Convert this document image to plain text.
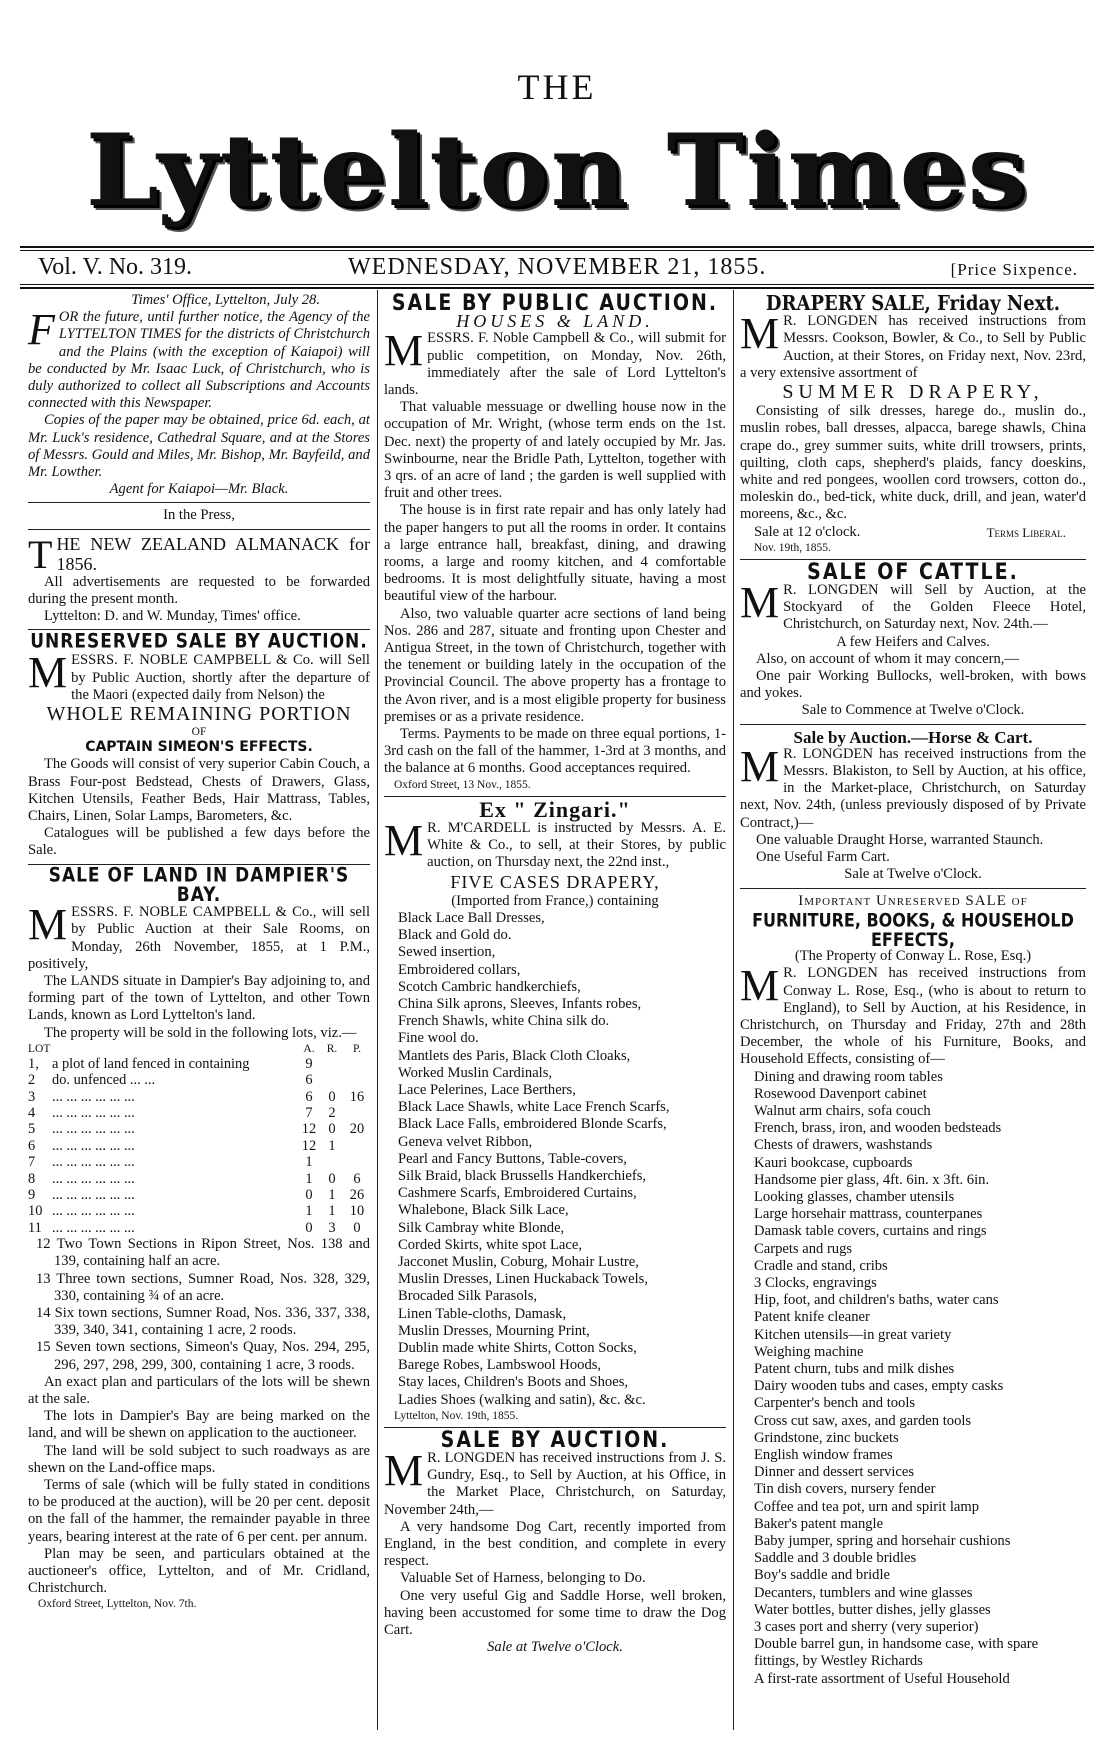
THE
Lyttelton Times
Vol. V. No. 319.	WEDNESDAY, NOVEMBER 21, 1855.	[Price Sixpence.

Times' Office, Lyttelton, July 28.

FOR the future, until further notice, the Agency of the LYTTELTON TIMES for the districts of Christchurch and the Plains (with the exception of Kaiapoi) will be conducted by Mr. Isaac Luck, of Christchurch, who is duly authorized to collect all Subscriptions and Accounts connected with this Newspaper.

Copies of the paper may be obtained, price 6d. each, at Mr. Luck's residence, Cathedral Square, and at the Stores of Messrs. Gould and Miles, Mr. Bishop, Mr. Bayfeild, and Mr. Lowther.

Agent for Kaiapoi—Mr. Black.

In the Press,

THE NEW ZEALAND ALMANACK for 1856.

All advertisements are requested to be forwarded during the present month.

Lyttelton: D. and W. Munday, Times' office.

UNRESERVED SALE BY AUCTION.

MESSRS. F. NOBLE CAMPBELL & Co. will Sell by Public Auction, shortly after the departure of the Maori (expected daily from Nelson) the

WHOLE REMAINING PORTION

OF

CAPTAIN SIMEON'S EFFECTS.

The Goods will consist of very superior Cabin Couch, a Brass Four-post Bedstead, Chests of Drawers, Glass, Kitchen Utensils, Feather Beds, Hair Mattrass, Tables, Chairs, Linen, Solar Lamps, Barometers, &c.

Catalogues will be published a few days before the Sale.

SALE OF LAND IN DAMPIER'S BAY.

MESSRS. F. NOBLE CAMPBELL & Co., will sell by Public Auction at their Sale Rooms, on Monday, 26th November, 1855, at 1 P.M., positively,

The LANDS situate in Dampier's Bay adjoining to, and forming part of the town of Lyttelton, and other Town Lands, known as Lord Lyttelton's land.

The property will be sold in the following lots, viz.—

LOT		A.	R.	P.
1,	a plot of land fenced in containing	9		
2	do. unfenced ... ...	6		
3	... ... ... ... ... ...	6	0	16
4	... ... ... ... ... ...	7	2	
5	... ... ... ... ... ...	12	0	20
6	... ... ... ... ... ...	12	1	
7	... ... ... ... ... ...	1		
8	... ... ... ... ... ...	1	0	6
9	... ... ... ... ... ...	0	1	26
10	... ... ... ... ... ...	1	1	10
11	... ... ... ... ... ...	0	3	0

12 Two Town Sections in Ripon Street, Nos. 138 and 139, containing half an acre.

13 Three town sections, Sumner Road, Nos. 328, 329, 330, containing ¾ of an acre.

14 Six town sections, Sumner Road, Nos. 336, 337, 338, 339, 340, 341, containing 1 acre, 2 roods.

15 Seven town sections, Simeon's Quay, Nos. 294, 295, 296, 297, 298, 299, 300, containing 1 acre, 3 roods.

An exact plan and particulars of the lots will be shewn at the sale.

The lots in Dampier's Bay are being marked on the land, and will be shewn on application to the auctioneer.

The land will be sold subject to such roadways as are shewn on the Land-office maps.

Terms of sale (which will be fully stated in conditions to be produced at the auction), will be 20 per cent. deposit on the fall of the hammer, the remainder payable in three years, bearing interest at the rate of 6 per cent. per annum.

Plan may be seen, and particulars obtained at the auctioneer's office, Lyttelton, and of Mr. Cridland, Christchurch.

Oxford Street, Lyttelton, Nov. 7th.

SALE BY PUBLIC AUCTION.

HOUSES & LAND.

MESSRS. F. Noble Campbell & Co., will submit for public competition, on Monday, Nov. 26th, immediately after the sale of Lord Lyttelton's lands.

That valuable messuage or dwelling house now in the occupation of Mr. Wright, (whose term ends on the 1st. Dec. next) the property of and lately occupied by Mr. Jas. Swinbourne, near the Bridle Path, Lyttelton, together with 3 qrs. of an acre of land ; the garden is well supplied with fruit and other trees.

The house is in first rate repair and has only lately had the paper hangers to put all the rooms in order. It contains a large entrance hall, breakfast, dining, and drawing rooms, a large and roomy kitchen, and 4 comfortable bedrooms. It is most delightfully situate, having a most beautiful view of the harbour.

Also, two valuable quarter acre sections of land being Nos. 286 and 287, situate and fronting upon Chester and Antigua Street, in the town of Christchurch, together with the tenement or building lately in the occupation of the Provincial Council. The above property has a frontage to the Avon river, and is a most eligible property for business premises or as a private residence.

Terms. Payments to be made on three equal portions, 1-3rd cash on the fall of the hammer, 1-3rd at 3 months, and the balance at 6 months. Good acceptances required.

Oxford Street, 13 Nov., 1855.

Ex " Zingari."

M R. M'CARDELL is instructed by Messrs. A. E. White & Co., to sell, at their Stores, by public auction, on Thursday next, the 22nd inst.,

FIVE CASES DRAPERY,

(Imported from France,) containing

Black Lace Ball Dresses,

Black and Gold do.

Sewed insertion,

Embroidered collars,

Scotch Cambric handkerchiefs,

China Silk aprons, Sleeves, Infants robes,

French Shawls, white China silk do.

Fine wool do.

Mantlets des Paris, Black Cloth Cloaks,

Worked Muslin Cardinals,

Lace Pelerines, Lace Berthers,

Black Lace Shawls, white Lace French Scarfs,

Black Lace Falls, embroidered Blonde Scarfs,

Geneva velvet Ribbon,

Pearl and Fancy Buttons, Table-covers,

Silk Braid, black Brussells Handkerchiefs,

Cashmere Scarfs, Embroidered Curtains,

Whalebone, Black Silk Lace,

Silk Cambray white Blonde,

Corded Skirts, white spot Lace,

Jacconet Muslin, Coburg, Mohair Lustre,

Muslin Dresses, Linen Huckaback Towels,

Brocaded Silk Parasols,

Linen Table-cloths, Damask,

Muslin Dresses, Mourning Print,

Dublin made white Shirts, Cotton Socks,

Barege Robes, Lambswool Hoods,

Stay laces, Children's Boots and Shoes,

Ladies Shoes (walking and satin), &c. &c.

Lyttelton, Nov. 19th, 1855.

SALE BY AUCTION.

M R. LONGDEN has received instructions from J. S. Gundry, Esq., to Sell by Auction, at his Office, in the Market Place, Christchurch, on Saturday, November 24th,—

A very handsome Dog Cart, recently imported from England, in the best condition, and complete in every respect.

Valuable Set of Harness, belonging to Do.

One very useful Gig and Saddle Horse, well broken, having been accustomed for some time to draw the Dog Cart.

Sale at Twelve o'Clock.

DRAPERY SALE, Friday Next.

M R. LONGDEN has received instructions from Messrs. Cookson, Bowler, & Co., to Sell by Public Auction, at their Stores, on Friday next, Nov. 23rd, a very extensive assortment of

SUMMER DRAPERY,

Consisting of silk dresses, harege do., muslin do., muslin robes, ball dresses, alpacca, barege shawls, China crape do., grey summer suits, white drill trowsers, prints, quilting, cloth caps, shepherd's plaids, fancy doeskins, white and red pongees, woollen cord trowsers, cotton do., moleskin do., bed-tick, white duck, drill, and jean, water'd moreens, &c., &c.

Sale at 12 o'clock.	Terms Liberal.

Nov. 19th, 1855.

SALE OF CATTLE.

M R. LONGDEN will Sell by Auction, at the Stockyard of the Golden Fleece Hotel, Christchurch, on Saturday next, Nov. 24th.—

A few Heifers and Calves.

Also, on account of whom it may concern,—

One pair Working Bullocks, well-broken, with bows and yokes.

Sale to Commence at Twelve o'Clock.

Sale by Auction.—Horse & Cart.

M R. LONGDEN has received instructions from the Messrs. Blakiston, to Sell by Auction, at his office, in the Market-place, Christchurch, on Saturday next, Nov. 24th, (unless previously disposed of by Private Contract,)—

One valuable Draught Horse, warranted Staunch.

One Useful Farm Cart.

Sale at Twelve o'Clock.

Important Unreserved SALE of

FURNITURE, BOOKS, & HOUSEHOLD EFFECTS,

(The Property of Conway L. Rose, Esq.)

M R. LONGDEN has received instructions from Conway L. Rose, Esq., (who is about to return to England), to Sell by Auction, at his Residence, in Christchurch, on Thursday and Friday, 27th and 28th December, the whole of his Furniture, Books, and Household Effects, consisting of—

Dining and drawing room tables

Rosewood Davenport cabinet

Walnut arm chairs, sofa couch

French, brass, iron, and wooden bedsteads

Chests of drawers, washstands

Kauri bookcase, cupboards

Handsome pier glass, 4ft. 6in. x 3ft. 6in.

Looking glasses, chamber utensils

Large horsehair mattrass, counterpanes

Damask table covers, curtains and rings

Carpets and rugs

Cradle and stand, cribs

3 Clocks, engravings

Hip, foot, and children's baths, water cans

Patent knife cleaner

Kitchen utensils—in great variety

Weighing machine

Patent churn, tubs and milk dishes

Dairy wooden tubs and cases, empty casks

Carpenter's bench and tools

Cross cut saw, axes, and garden tools

Grindstone, zinc buckets

English window frames

Dinner and dessert services

Tin dish covers, nursery fender

Coffee and tea pot, urn and spirit lamp

Baker's patent mangle

Baby jumper, spring and horsehair cushions

Saddle and 3 double bridles

Boy's saddle and bridle

Decanters, tumblers and wine glasses

Water bottles, butter dishes, jelly glasses

3 cases port and sherry (very superior)

Double barrel gun, in handsome case, with spare fittings, by Westley Richards

A first-rate assortment of Useful Household
